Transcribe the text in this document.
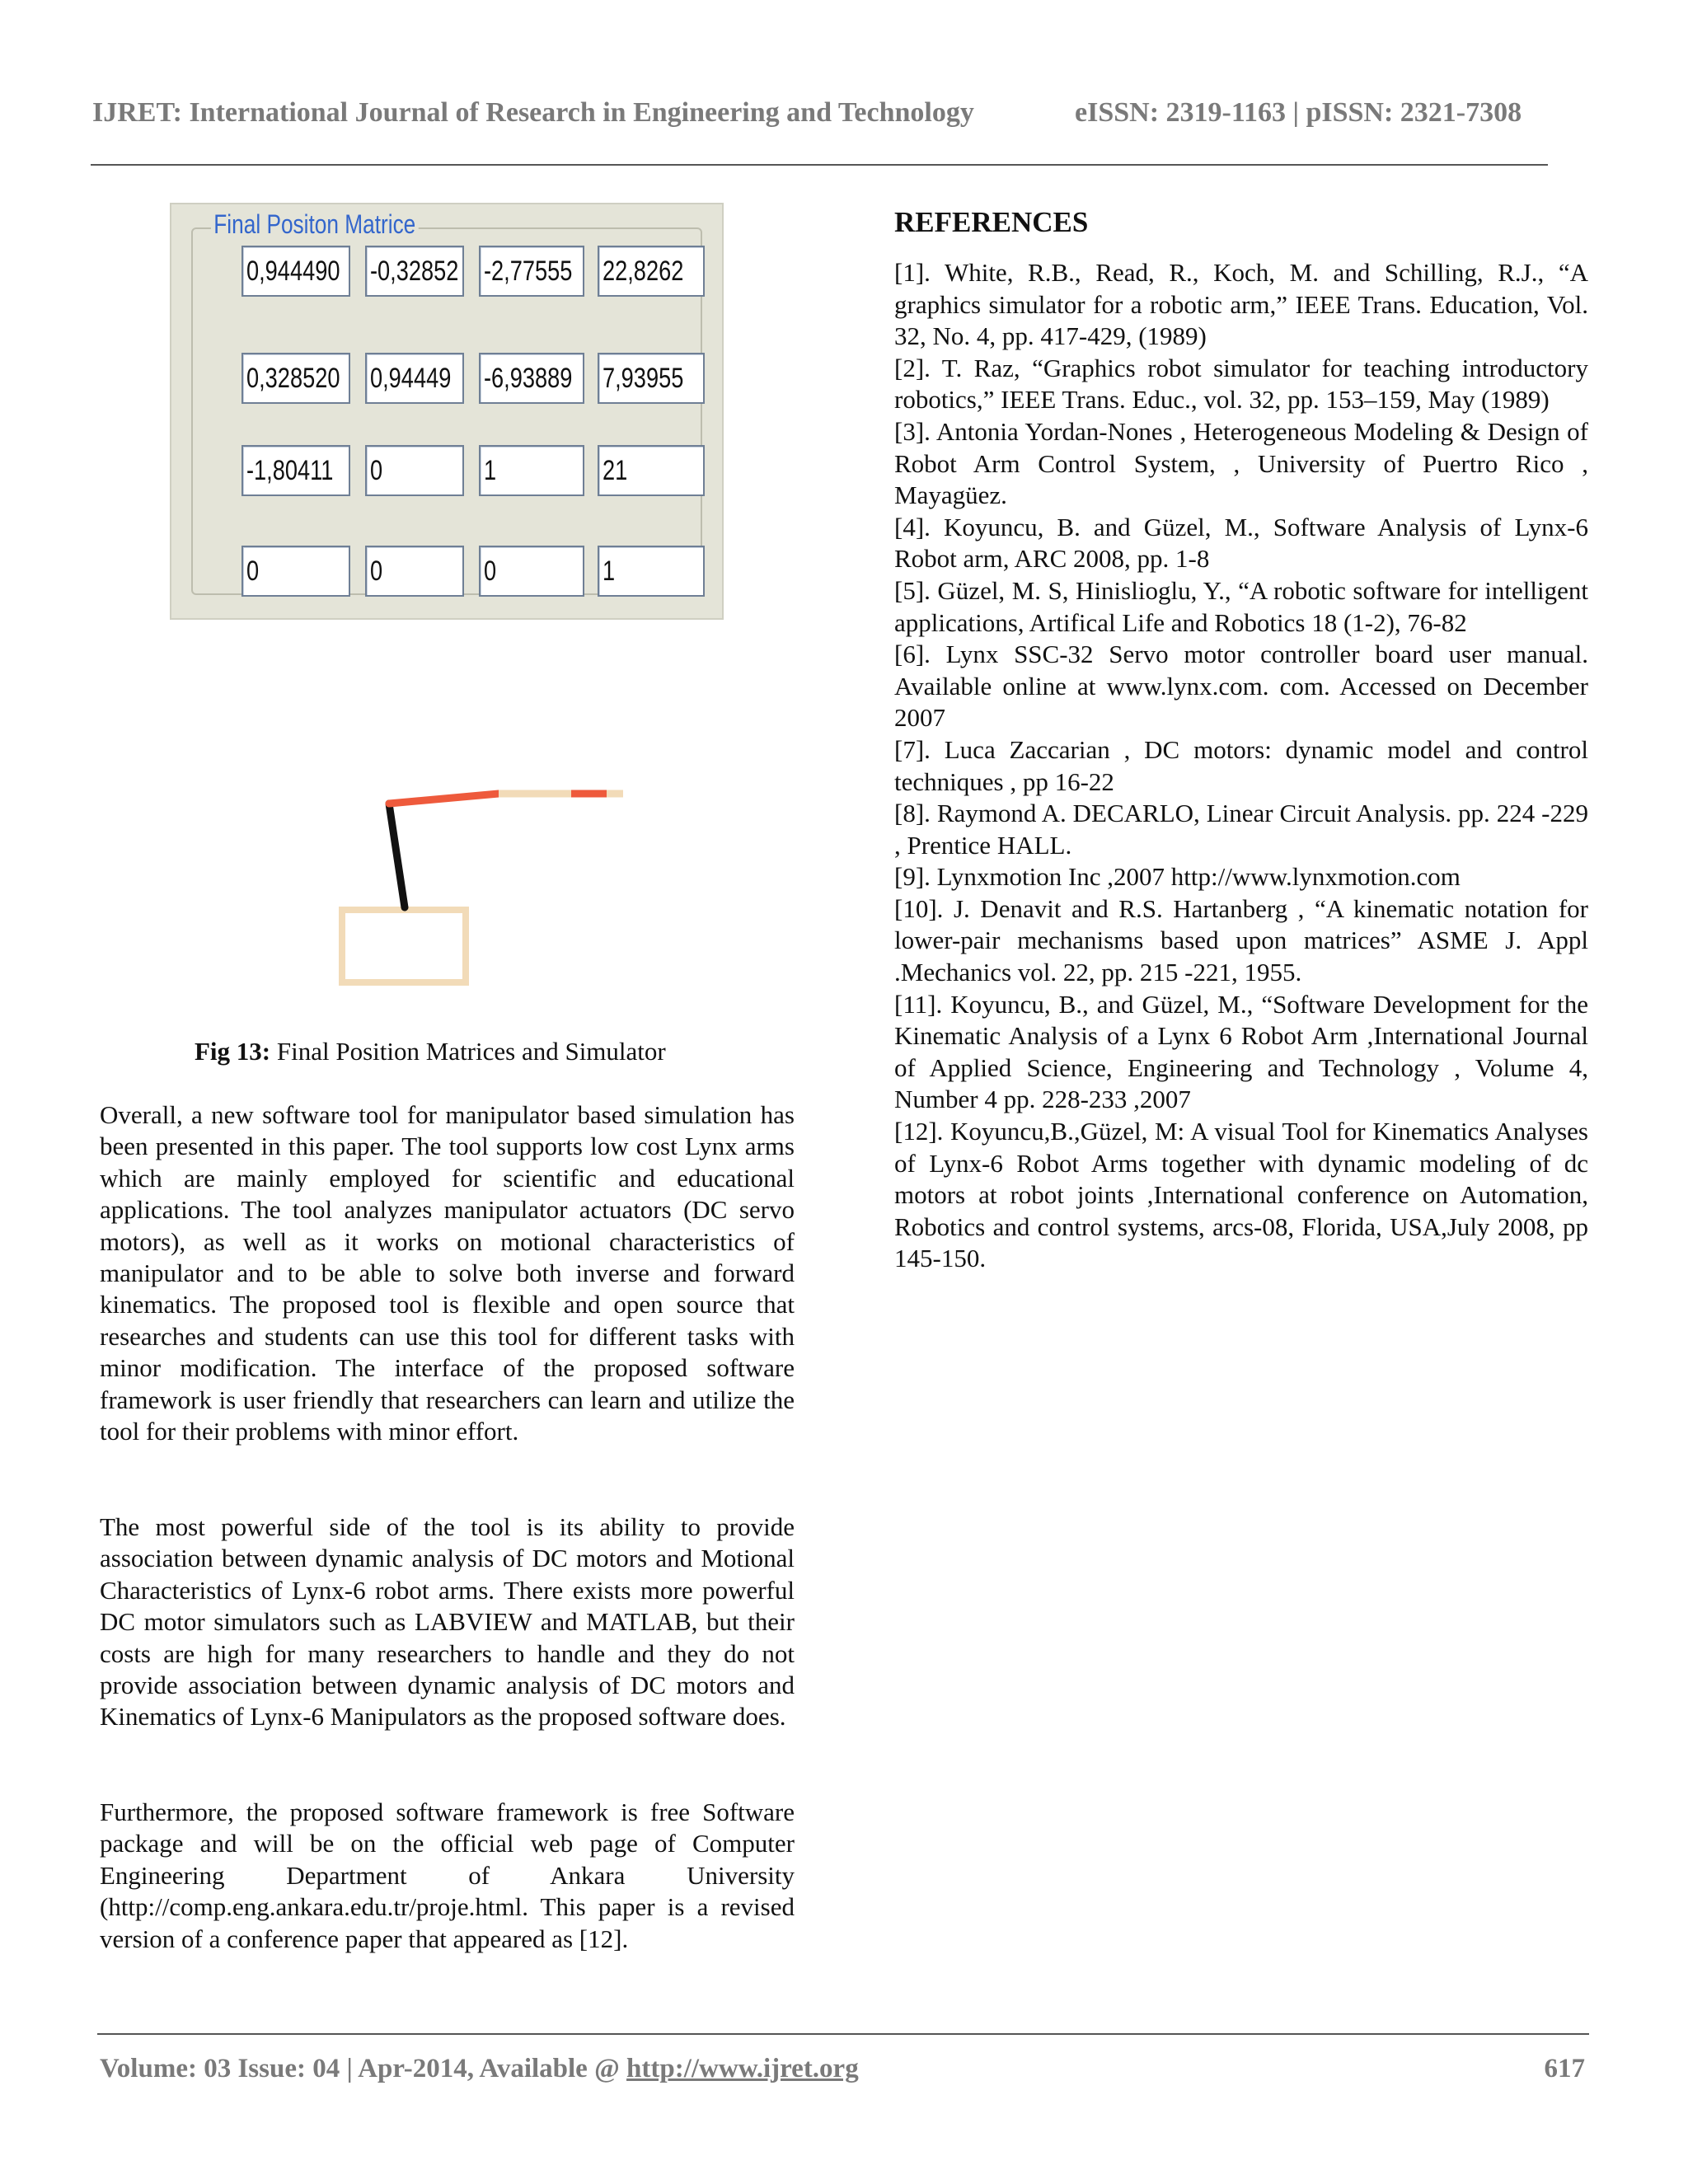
IJRET: International Journal of Research in Engineering and Technology	eISSN: 2319-1163 | pISSN: 2321-7308
Final Positon Matrice
0,944490	-0,32852 -2,77555	22,8262
0,328520	0,94449	-6,93889	7,93955
-1,80411	0	1	21
0	0	0	1
Fig 13: Final Position Matrices and Simulator

Overall, a new software tool for manipulator based simulation has been presented in this paper. The tool supports low cost Lynx arms which are mainly employed for scientific and educational applications. The tool analyzes manipulator actuators (DC servo motors), as well as it works on motional characteristics of manipulator and to be able to solve both inverse and forward kinematics. The proposed tool is flexible and open source that researches and students can use this tool for different tasks with minor modification. The interface of the proposed software framework is user friendly that researchers can learn and utilize the tool for their problems with minor effort.

The most powerful side of the tool is its ability to provide association between dynamic analysis of DC motors and Motional Characteristics of Lynx-6 robot arms. There exists more powerful DC motor simulators such as LABVIEW and MATLAB, but their costs are high for many researchers to handle and they do not provide association between dynamic analysis of DC motors and Kinematics of Lynx-6 Manipulators as the proposed software does.

Furthermore, the proposed software framework is free Software package and will be on the official web page of Computer Engineering Department of Ankara University (http://comp.eng.ankara.edu.tr/proje.html. This paper is a revised version of a conference paper that appeared as [12].

REFERENCES

[1]. White, R.B., Read, R., Koch, M. and Schilling, R.J., “A graphics simulator for a robotic arm,” IEEE Trans. Education, Vol. 32, No. 4, pp. 417-429, (1989)

[2]. T. Raz, “Graphics robot simulator for teaching introductory robotics,” IEEE Trans. Educ., vol. 32, pp. 153–159, May (1989)

[3]. Antonia Yordan-Nones , Heterogeneous Modeling & Design of Robot Arm Control System, , University of Puertro Rico , Mayagüez.

[4]. Koyuncu, B. and Güzel, M., Software Analysis of Lynx-6 Robot arm, ARC 2008, pp. 1-8

[5]. Güzel, M. S, Hinislioglu, Y., “A robotic software for intelligent applications, Artifical Life and Robotics 18 (1-2), 76-82

[6]. Lynx SSC-32 Servo motor controller board user manual. Available online at www.lynx.com. com. Accessed on December 2007

[7]. Luca Zaccarian , DC motors: dynamic model and control techniques , pp 16-22

[8]. Raymond A. DECARLO, Linear Circuit Analysis. pp. 224 -229 , Prentice HALL.

[9]. Lynxmotion Inc ,2007 http://www.lynxmotion.com

[10]. J. Denavit and R.S. Hartanberg , “A kinematic notation for lower-pair mechanisms based upon matrices” ASME J. Appl .Mechanics vol. 22, pp. 215 -221, 1955.

[11]. Koyuncu, B., and Güzel, M., “Software Development for the Kinematic Analysis of a Lynx 6 Robot Arm ,International Journal of Applied Science, Engineering and Technology , Volume 4, Number 4 pp. 228-233 ,2007

[12]. Koyuncu,B.,Güzel, M: A visual Tool for Kinematics Analyses of Lynx-6 Robot Arms together with dynamic modeling of dc motors at robot joints ,International conference on Automation, Robotics and control systems, arcs-08, Florida, USA,July 2008, pp 145-150.

Volume: 03 Issue: 04 | Apr-2014, Available @ http://www.ijret.org	617
